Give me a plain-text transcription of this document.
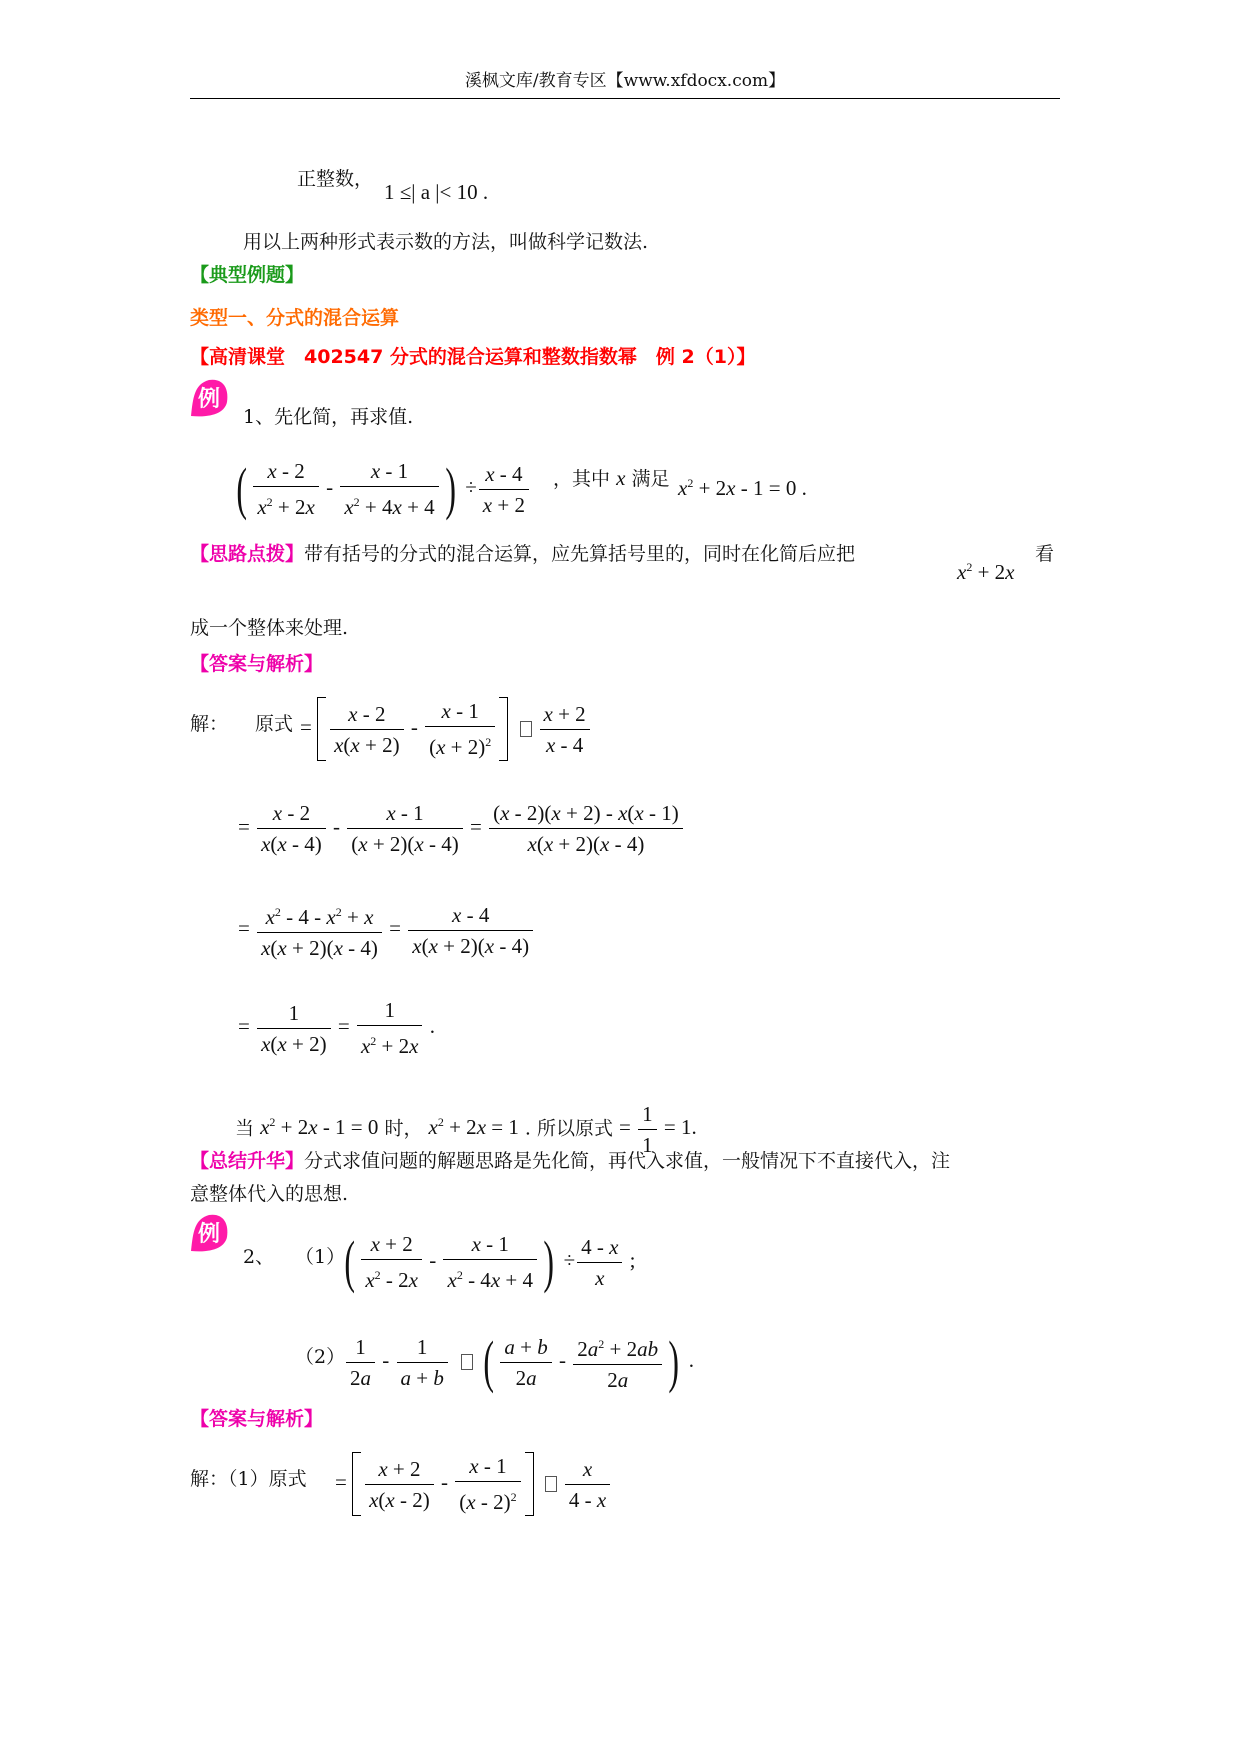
溪枫文库/教育专区【www.xfdocx.com】
正整数，
1 ≤| a |< 10 .
用以上两种形式表示数的方法，叫做科学记数法.
【典型例题】
类型一、分式的混合运算
【高清课堂　402547 分式的混合运算和整数指数幂　例 2（1）】
例
1、先化简，再求值.
( $\frac{x - 2}{x^2 + 2x} - \frac{x - 1}{x^2 + 4x + 4}$ ) ÷ $\frac{x - 4}{x + 2}$ ，其中 x 满足 $x^2 + 2x - 1 = 0$ .
【思路点拨】带有括号的分式的混合运算，应先算括号里的，同时在化简后应把
$x^2 + 2x$
看
成一个整体来处理.
【答案与解析】
解： 原式 = $\frac{x - 2}{x(x + 2)} - \frac{x - 1}{(x + 2)^2}$
$\frac{x + 2}{x - 4}$
= $\frac{x - 2}{x(x - 4)} - \frac{x - 1}{(x + 2)(x - 4)} = \frac{(x - 2)(x + 2) - x(x - 1)}{x(x + 2)(x - 4)}$
= $\frac{x^2 - 4 - x^2 + x}{x(x + 2)(x - 4)} = \frac{x - 4}{x(x + 2)(x - 4)}$
= $\frac{1}{x(x + 2)} = \frac{1}{x^2 + 2x}$ .
当 $x^2 + 2x - 1 = 0$ 时， $x^2 + 2x = 1$ . 所以原式 = $\frac{1}{1} = 1$.
【总结升华】分式求值问题的解题思路是先化简，再代入求值，一般情况下不直接代入，注
意整体代入的思想.
例
2、 （1） ( $\frac{x + 2}{x^2 - 2x} - \frac{x - 1}{x^2 - 4x + 4}$ ) ÷ $\frac{4 - x}{x}$ ;
$(2) \frac{1}{2a} - \frac{1}{a + b}$ ( $\frac{a + b}{2a} - \frac{2a^2 + 2ab}{2a}$ ) .
【答案与解析】
解：（1）原式 = $\frac{x + 2}{x(x - 2)} - \frac{x - 1}{(x - 2)^2}$
$\frac{x}{4 - x}$
